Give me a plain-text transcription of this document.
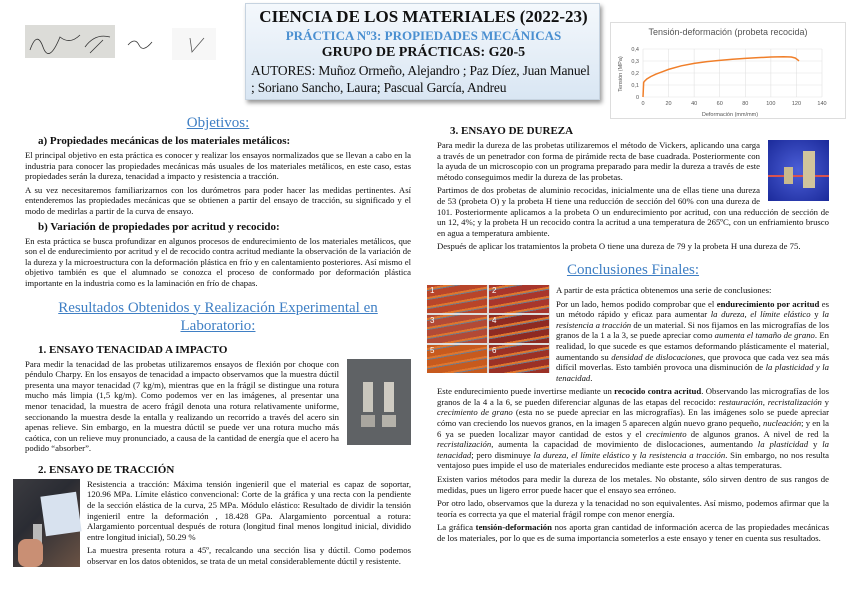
CIENCIA DE LOS MATERIALES (2022-23)
PRÁCTICA Nº3: PROPIEDADES MECÁNICAS
GRUPO DE PRÁCTICAS: G20-5
AUTORES: Muñoz Ormeño, Alejandro ; Paz Díez, Juan Manuel ; Soriano Sancho, Laura; Pascual García, Andreu
Tensión-deformación (probeta recocida)
0	20	40	60	80	100	120	140
0
0,1
0,2
0,3
0,4
Deformación (mm/mm)
Tensión (MPa)
Objetivos:
a) Propiedades mecánicas de los materiales metálicos:

El principal objetivo en esta práctica es conocer y realizar los ensayos normalizados que se llevan a cabo en la industria para conocer las propiedades mecánicas más usuales de los materiales metálicos, en este caso, estas propiedades serán la dureza, tenacidad a impacto y resistencia a tracción.

A su vez necesitaremos familiarizarnos con los durómetros para poder hacer las medidas pertinentes. Así entenderemos las propiedades mecánicas que se obtienen a partir del ensayo de tracción, su significado y el modo de medirlas a partir de la curva de ensayo.

b) Variación de propiedades por acritud y recocido:

En esta práctica se busca profundizar en algunos procesos de endurecimiento de los materiales metálicos, que son el de endurecimiento por acritud y el de recocido contra acritud mediante la observación de la variación de la dureza y la microestructura con la deformación plástica en frío y en calentamiento posteriores. Así mismo el objetivo también es que el alumnado se conozca el proceso de conformado por deformación plástica importante en la industria como es la laminación en frío de chapas.

Resultados Obtenidos y Realización Experimental en Laboratorio:
1. ENSAYO TENACIDAD A IMPACTO

Para medir la tenacidad de las probetas utilizaremos ensayos de flexión por choque con péndulo Charpy. En los ensayos de tenacidad a impacto observamos que la muestra dúctil presenta una mayor tenacidad (7 kg/m), mientras que en la frágil se distingue una rotura mucho más limpia (1,5 kg/m). Como podemos ver en las imágenes, al presentar una menor tenacidad, la muestra de acero frágil denota una rotura relativamente uniforme, seccionando la muestra desde la entalla y realizando un recorrido a través del acero sin apenas relieve. Sin embargo, en la muestra dúctil se puede ver una rotura mucho más caótica, con un relieve muy pronunciado, a causa de la cantidad de energía que el acero ha podido “absorber”.

2. ENSAYO DE TRACCIÓN

Resistencia a tracción: Máxima tensión ingenieril que el material es capaz de soportar, 120.96 MPa. Límite elástico convencional: Corte de la gráfica y una recta con la pendiente de la sección elástica de la curva, 25 MPa. Módulo elástico: Resultado de dividir la tensión ingenieril entre la deformación , 18.428 GPa. Alargamiento porcentual a rotura: Alargamiento porcentual después de rotura (longitud final menos longitud inicial, dividido entre longitud inicial), 50.29 %

La muestra presenta rotura a 45º, recalcando una sección lisa y dúctil. Como podemos observar en los datos obtenidos, se trata de un metal considerablemente dúctil y resistente.

3. ENSAYO DE DUREZA

Para medir la dureza de las probetas utilizaremos el método de Vickers, aplicando una carga a través de un penetrador con forma de pirámide recta de base cuadrada. Posteriormente con la ayuda de un microscopio con un programa preparado para medir la dureza a través de este método conseguimos medir la dureza de las probetas.

Partimos de dos probetas de aluminio recocidas, inicialmente una de ellas tiene una dureza de 53 (probeta O) y la probeta H tiene una reducción de sección del 60% con una dureza de 101. Posteriormente aplicamos a la probeta O un endurecimiento por acritud, con una reducción de sección de un 12, 4%; y la probeta H un recocido contra la acritud a una temperatura de 265ºC, con un enfriamiento brusco en agua a temperatura ambiente.

Después de aplicar los tratamientos la probeta O tiene una dureza de 79 y la probeta H una dureza de 75.

Conclusiones Finales:
1	2
3	4
5	6

A partir de esta práctica obtenemos una serie de conclusiones:

Por un lado, hemos podido comprobar que el endurecimiento por acritud es un método rápido y eficaz para aumentar la dureza, el límite elástico y la resistencia a tracción de un material. Si nos fijamos en las micrografías de los granos de la 1 a la 3, se puede apreciar como aumenta el tamaño de grano. En realidad, lo que sucede es que estamos deformando plásticamente el material, aumentando su densidad de dislocaciones, que provoca que cada vez sea más difícil moverlas. Esto también provoca una disminución de la plasticidad y la tenacidad.

Este endurecimiento puede invertirse mediante un recocido contra acritud. Observando las micrografías de los granos de la 4 a la 6, se pueden diferenciar algunas de las etapas del recocido: restauración, recristalización y crecimiento de grano (esta no se puede apreciar en las micrografías). En las imágenes solo se puede apreciar cómo van creciendo los nuevos granos, en la imagen 5 aparecen algún nuevo grano pequeño, nucleación; y en la 6 ya se pueden localizar mayor cantidad de estos y el crecimiento de algunos granos. A nivel de red la recristalización, aumenta la capacidad de movimiento de dislocaciones, aumentando la plasticidad y la tenacidad; pero disminuye la dureza, el límite elástico y la resistencia a tracción. Sin embargo, no nos resulta ventajoso pues impide el uso de materiales endurecidos mediante este proceso a altas temperaturas.

Existen varios métodos para medir la dureza de los metales. No obstante, sólo sirven dentro de sus rangos de medidas, pues un ligero error puede hacer que el ensayo sea erróneo.

Por otro lado, observamos que la dureza y la tenacidad no son equivalentes. Así mismo, podemos afirmar que la teoría es correcta ya que el material frágil rompe con menor energía.

La gráfica tensión-deformación nos aporta gran cantidad de información acerca de las propiedades mecánicas de los materiales, por lo que es de suma importancia someterlos a este ensayo y tener en cuenta sus resultados.
